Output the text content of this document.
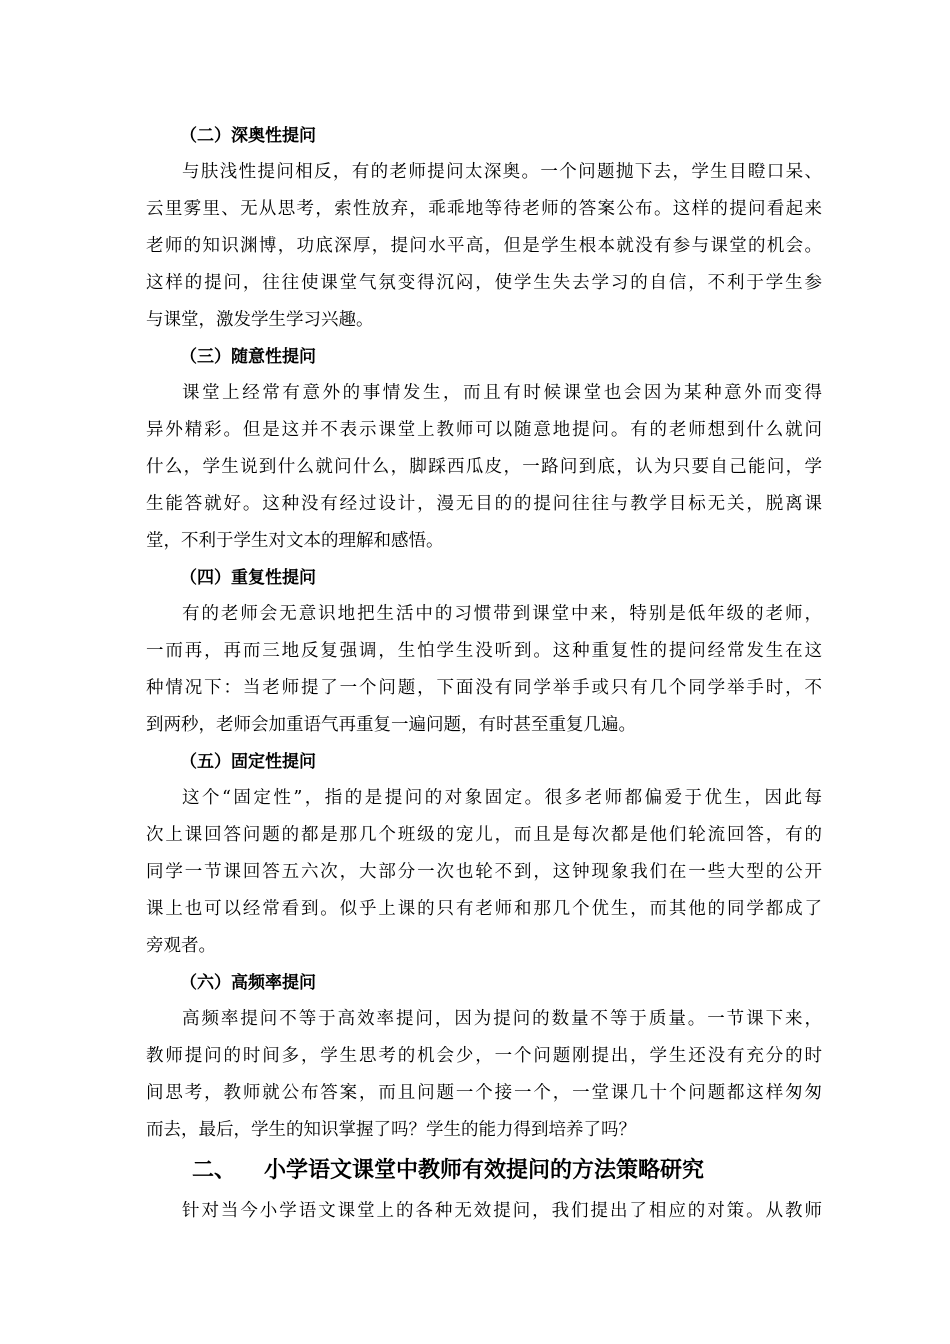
（二）深奥性提问
与肤浅性提问相反，有的老师提问太深奥。一个问题抛下去，学生目瞪口呆、
云里雾里、无从思考，索性放弃，乖乖地等待老师的答案公布。这样的提问看起来
老师的知识渊博，功底深厚，提问水平高，但是学生根本就没有参与课堂的机会。
这样的提问，往往使课堂气氛变得沉闷，使学生失去学习的自信，不利于学生参
与课堂，激发学生学习兴趣。
（三）随意性提问
课堂上经常有意外的事情发生，而且有时候课堂也会因为某种意外而变得
异外精彩。但是这并不表示课堂上教师可以随意地提问。有的老师想到什么就问
什么，学生说到什么就问什么，脚踩西瓜皮，一路问到底，认为只要自己能问，学
生能答就好。这种没有经过设计，漫无目的的提问往往与教学目标无关，脱离课
堂，不利于学生对文本的理解和感悟。
（四）重复性提问
有的老师会无意识地把生活中的习惯带到课堂中来，特别是低年级的老师，
一而再，再而三地反复强调，生怕学生没听到。这种重复性的提问经常发生在这
种情况下：当老师提了一个问题，下面没有同学举手或只有几个同学举手时，不
到两秒，老师会加重语气再重复一遍问题，有时甚至重复几遍。
（五）固定性提问
这个“固定性”，指的是提问的对象固定。很多老师都偏爱于优生，因此每
次上课回答问题的都是那几个班级的宠儿，而且是每次都是他们轮流回答，有的
同学一节课回答五六次，大部分一次也轮不到，这钟现象我们在一些大型的公开
课上也可以经常看到。似乎上课的只有老师和那几个优生，而其他的同学都成了
旁观者。
（六）高频率提问
高频率提问不等于高效率提问，因为提问的数量不等于质量。一节课下来，
教师提问的时间多，学生思考的机会少，一个问题刚提出，学生还没有充分的时
间思考，教师就公布答案，而且问题一个接一个，一堂课几十个问题都这样匆匆
而去，最后，学生的知识掌握了吗？学生的能力得到培养了吗？
二、	小学语文课堂中教师有效提问的方法策略研究
针对当今小学语文课堂上的各种无效提问，我们提出了相应的对策。从教师
